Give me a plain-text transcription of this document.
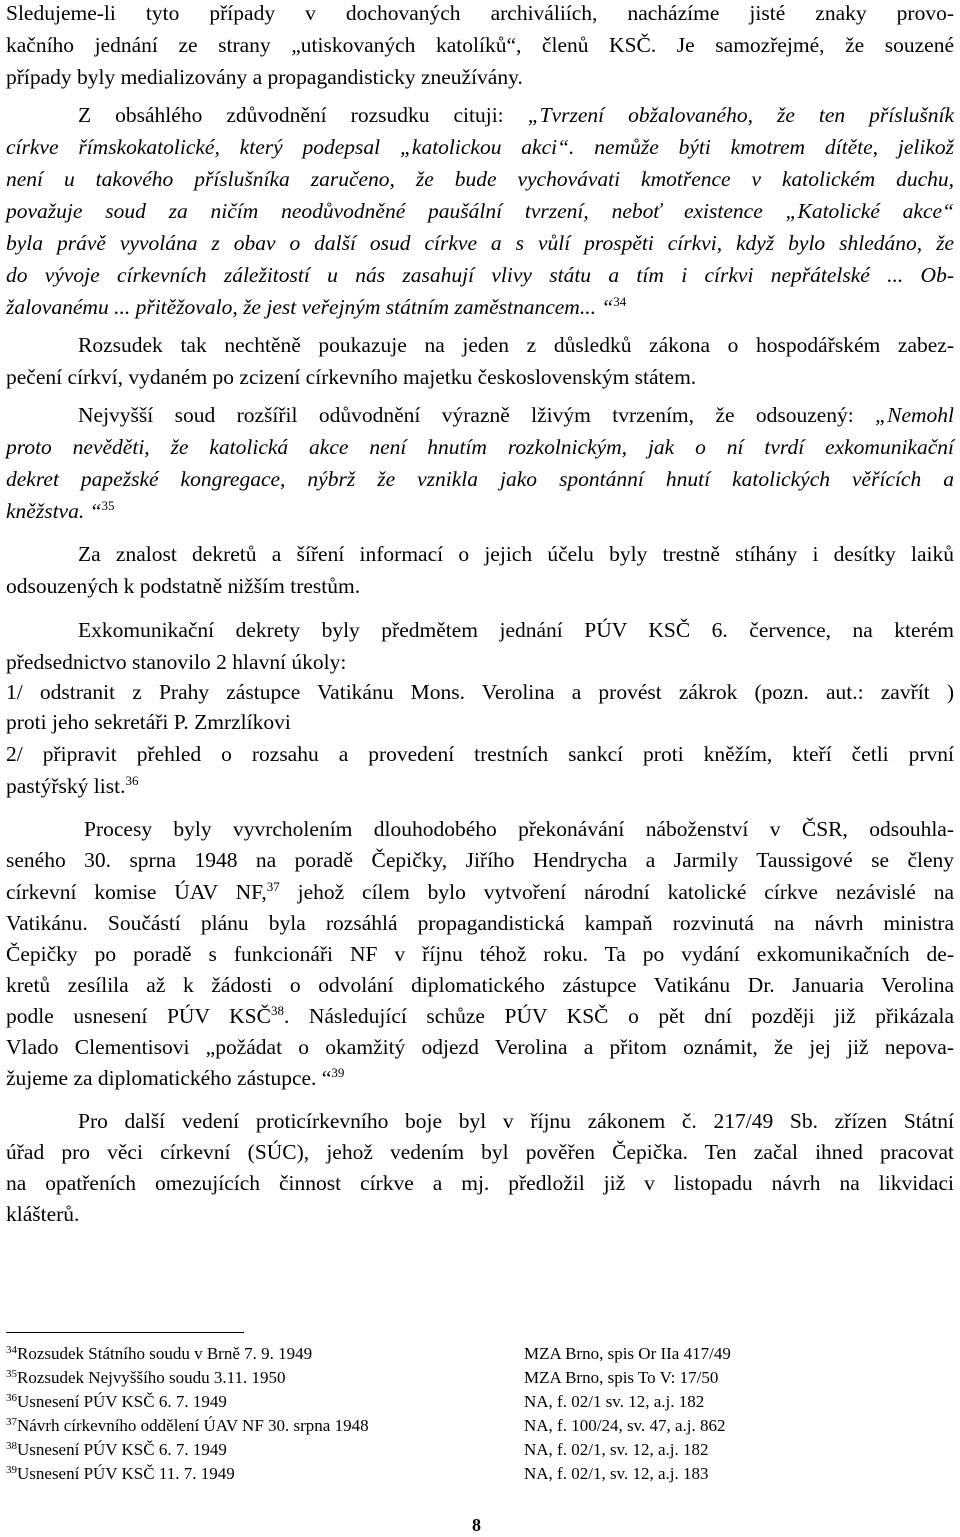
Sledujeme-li tyto případy v dochovaných archiváliích, nacházíme jisté znaky provo-
kačního jednání ze strany „utiskovaných katolíků“, členů KSČ. Je samozřejmé, že souzené
případy byly medializovány a propagandisticky zneužívány.
Z obsáhlého zdůvodnění rozsudku cituji: „Tvrzení obžalovaného, že ten příslušník
církve římskokatolické, který podepsal „katolickou akci“. nemůže býti kmotrem dítěte, jelikož
není u takového příslušníka zaručeno, že bude vychovávati kmotřence v katolickém duchu,
považuje soud za ničím neodůvodněné paušální tvrzení, neboť existence „Katolické akce“
byla právě vyvolána z obav o další osud církve a s vůlí prospěti církvi, když bylo shledáno, že
do vývoje církevních záležitostí u nás zasahují vlivy státu a tím i církvi nepřátelské ... Ob-
žalovanému ... přitěžovalo, že jest veřejným státním zaměstnancem... “$^{34}$
Rozsudek tak nechtěně poukazuje na jeden z důsledků zákona o hospodářském zabez-
pečení církví, vydaném po zcizení církevního majetku československým státem.
Nejvyšší soud rozšířil odůvodnění výrazně lživým tvrzením, že odsouzený: „Nemohl
proto nevěděti, že katolická akce není hnutím rozkolnickým, jak o ní tvrdí exkomunikační
dekret papežské kongregace, nýbrž že vznikla jako spontánní hnutí katolických věřících a
kněžstva. “$^{35}$
Za znalost dekretů a šíření informací o jejich účelu byly trestně stíhány i desítky laiků
odsouzených k podstatně nižším trestům.
Exkomunikační dekrety byly předmětem jednání PÚV KSČ 6. července, na kterém
předsednictvo stanovilo 2 hlavní úkoly:
1/ odstranit z Prahy zástupce Vatikánu Mons. Verolina a provést zákrok (pozn. aut.: zavřít )
proti jeho sekretáři P. Zmrzlíkovi
2/ připravit přehled o rozsahu a provedení trestních sankcí proti kněžím, kteří četli první
pastýřský list.$^{36}$
Procesy byly vyvrcholením dlouhodobého překonávání náboženství v ČSR, odsouhla-
seného 30. sprna 1948 na poradě Čepičky, Jiřího Hendrycha a Jarmily Taussigové se členy
církevní komise ÚAV NF,$^{37}$ jehož cílem bylo vytvoření národní katolické církve nezávislé na
Vatikánu. Součástí plánu byla rozsáhlá propagandistická kampaň rozvinutá na návrh ministra
Čepičky po poradě s funkcionáři NF v říjnu téhož roku. Ta po vydání exkomunikačních de-
kretů zesílila až k žádosti o odvolání diplomatického zástupce Vatikánu Dr. Januaria Verolina
podle usnesení PÚV KSČ$^{38}$. Následující schůze PÚV KSČ o pět dní později již přikázala
Vlado Clementisovi „požádat o okamžitý odjezd Verolina a přitom oznámit, že jej již nepova-
žujeme za diplomatického zástupce. “$^{39}$
Pro další vedení proticírkevního boje byl v říjnu zákonem č. 217/49 Sb. zřízen Státní
úřad pro věci církevní (SÚC), jehož vedením byl pověřen Čepička. Ten začal ihned pracovat
na opatřeních omezujících činnost církve a mj. předložil již v listopadu návrh na likvidaci
klášterů.
$^{34}$Rozsudek Státního soudu v Brně 7. 9. 1949	MZA Brno, spis Or IIa 417/49
$^{35}$Rozsudek Nejvyššího soudu 3.11. 1950	MZA Brno, spis To V: 17/50
$^{36}$Usnesení PÚV KSČ 6. 7. 1949	NA, f. 02/1 sv. 12, a.j. 182
$^{37}$Návrh církevního oddělení ÚAV NF 30. srpna 1948	NA, f. 100/24, sv. 47, a.j. 862
$^{38}$Usnesení PÚV KSČ 6. 7. 1949	NA, f. 02/1, sv. 12, a.j. 182
$^{39}$Usnesení PÚV KSČ 11. 7. 1949	NA, f. 02/1, sv. 12, a.j. 183
8
